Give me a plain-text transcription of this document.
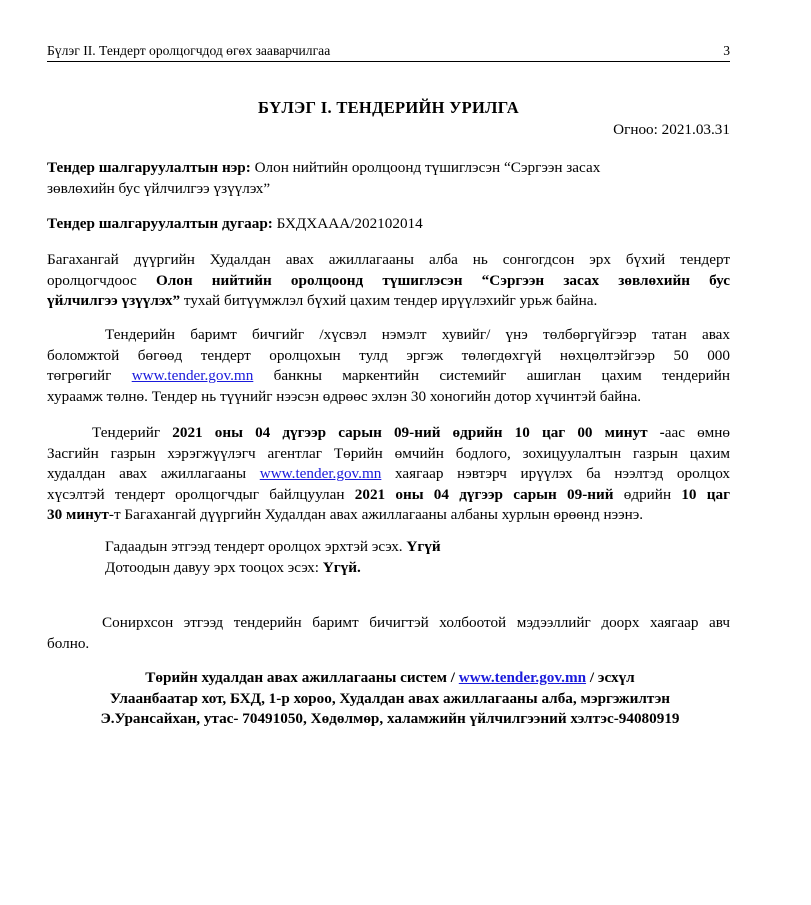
Бүлэг II. Тендерт оролцогчдод өгөх зааварчилгаа	3
БҮЛЭГ I. ТЕНДЕРИЙН УРИЛГА
Огноо: 2021.03.31
Тендер шалгаруулалтын нэр: Олон нийтийн оролцоонд түшиглэсэн “Сэргээн засах
зөвлөхийн бус үйлчилгээ үзүүлэх”
Тендер шалгаруулалтын дугаар: БХДХААА/202102014
Багахангай дүүргийн Худалдан авах ажиллагааны алба нь сонгогдсон эрх бүхий тендерт
оролцогчдоос Олон нийтийн оролцоонд түшиглэсэн “Сэргээн засах зөвлөхийн бус
үйлчилгээ үзүүлэх” тухай битүүмжлэл бүхий цахим тендер ирүүлэхийг урьж байна.
Тендерийн баримт бичгийг /хүсвэл нэмэлт хувийг/ үнэ төлбөргүйгээр татан авах
боломжтой бөгөөд тендерт оролцохын тулд эргэж төлөгдөхгүй нөхцөлтэйгээр 50 000
төгрөгийг www.tender.gov.mn банкны маркентийн системийг ашиглан цахим тендерийн
хураамж төлнө. Тендер нь түүнийг нээсэн өдрөөс эхлэн 30 хоногийн дотор хүчинтэй байна.
Тендерийг 2021 оны 04 дүгээр сарын 09-ний өдрийн 10 цаг 00 минут -аас өмнө
Засгийн газрын хэрэгжүүлэгч агентлаг Төрийн өмчийн бодлого, зохицуулалтын газрын цахим
худалдан авах ажиллагааны www.tender.gov.mn хаягаар нэвтэрч ирүүлэх ба нээлтэд оролцох
хүсэлтэй тендерт оролцогчдыг байлцуулан 2021 оны 04 дүгээр сарын 09-ний өдрийн 10 цаг
30 минут-т Багахангай дүүргийн Худалдан авах ажиллагааны албаны хурлын өрөөнд нээнэ.
Гадаадын этгээд тендерт оролцох эрхтэй эсэх. Үгүй
Дотоодын давуу эрх тооцох эсэх: Үгүй.
Сонирхсон этгээд тендерийн баримт бичигтэй холбоотой мэдээллийг доорх хаягаар авч
болно.
Төрийн худалдан авах ажиллагааны систем / www.tender.gov.mn / эсхүл
Улаанбаатар хот, БХД, 1-р хороо, Худалдан авах ажиллагааны алба, мэргэжилтэн
Э.Урансайхан, утас- 70491050, Хөдөлмөр, халамжийн үйлчилгээний хэлтэс-94080919
